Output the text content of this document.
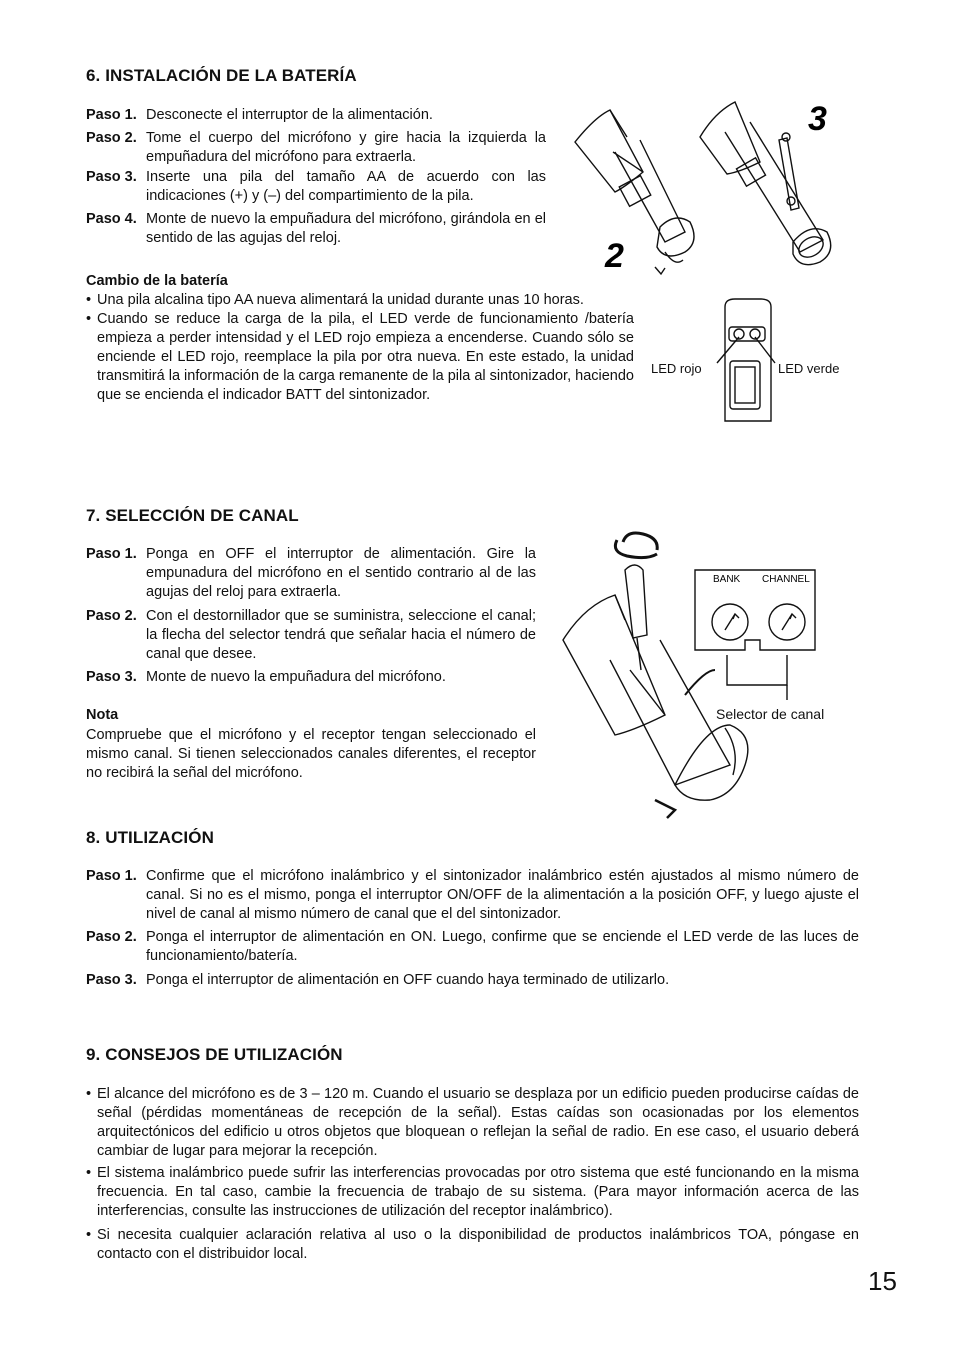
6. INSTALACIÓN DE LA BATERÍA
Paso 1. Desconecte el interruptor de la alimentación.
Paso 2. Tome el cuerpo del micrófono y gire hacia la izquierda la empuñadura del micrófono para extraerla.
Paso 3. Inserte una pila del tamaño AA de acuerdo con las indicaciones (+) y (–) del compartimiento de la pila.
Paso 4. Monte de nuevo la empuñadura del micrófono, girándola en el sentido de las agujas del reloj.
Cambio de la batería
• Una pila alcalina tipo AA nueva alimentará la unidad durante unas 10 horas.
• Cuando se reduce la carga de la pila, el LED verde de funcionamiento /batería empieza a perder intensidad y el LED rojo empieza a encenderse. Cuando sólo se enciende el LED rojo, reemplace la pila por otra nueva. En este estado, la unidad transmitirá la información de la carga remanente de la pila al sintonizador, haciendo que se encienda el indicador BATT del sintonizador.
2
3
LED rojo	LED verde
7. SELECCIÓN DE CANAL
Paso 1. Ponga en OFF el interruptor de alimentación. Gire la empunadura del micrófono en el sentido contrario al de las agujas del reloj para extraerla.
Paso 2. Con el destornillador que se suministra, seleccione el canal; la flecha del selector tendrá que señalar hacia el número de canal que desee.
Paso 3. Monte de nuevo la empuñadura del micrófono.
Nota

Compruebe que el micrófono y el receptor tengan seleccionado el mismo canal. Si tienen seleccionados canales diferentes, el receptor no recibirá la señal del micrófono.

BANK CHANNEL
Selector de canal
8. UTILIZACIÓN
Paso 1. Confirme que el micrófono inalámbrico y el sintonizador inalámbrico estén ajustados al mismo número de canal. Si no es el mismo, ponga el interruptor ON/OFF de la alimentación a la posición OFF, y luego ajuste el nivel de canal al mismo número de canal que el del sintonizador.
Paso 2. Ponga el interruptor de alimentación en ON. Luego, confirme que se enciende el LED verde de las luces de funcionamiento/batería.
Paso 3. Ponga el interruptor de alimentación en OFF cuando haya terminado de utilizarlo.
9. CONSEJOS DE UTILIZACIÓN
• El alcance del micrófono es de 3 – 120 m. Cuando el usuario se desplaza por un edificio pueden producirse caídas de señal (pérdidas momentáneas de recepción de la señal). Estas caídas son ocasionadas por los elementos arquitectónicos del edificio u otros objetos que bloquean o reflejan la señal de radio. En ese caso, el usuario deberá cambiar de lugar para mejorar la recepción.
• El sistema inalámbrico puede sufrir las interferencias provocadas por otro sistema que esté funcionando en la misma frecuencia. En tal caso, cambie la frecuencia de trabajo de su sistema. (Para mayor información acerca de las interferencias, consulte las instrucciones de utilización del receptor inalámbrico).
• Si necesita cualquier aclaración relativa al uso o la disponibilidad de productos inalámbricos TOA, póngase en contacto con el distribuidor local.
15
